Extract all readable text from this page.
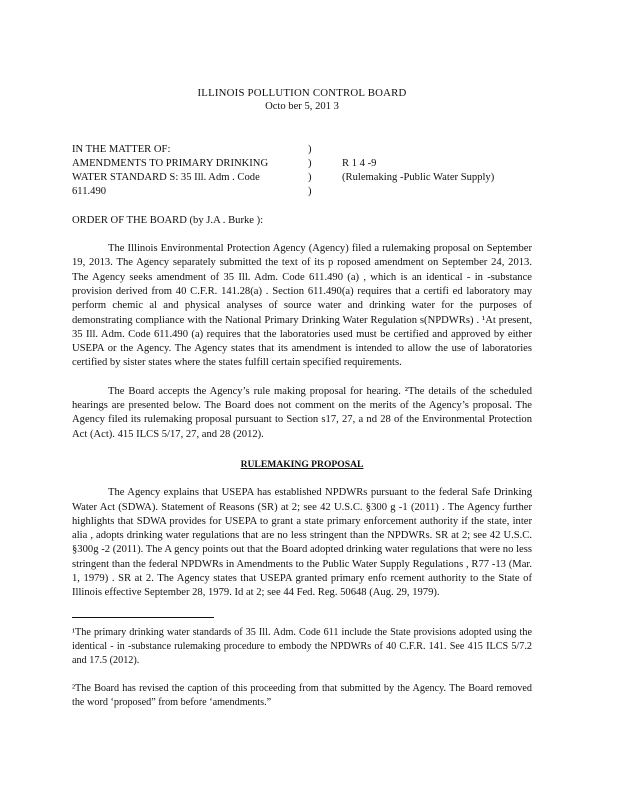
ILLINOIS POLLUTION CONTROL BOARD
Octo ber 5, 201 3
IN THE MATTER OF:
AMENDMENTS TO PRIMARY DRINKING
WATER STANDARD S: 35 Ill. Adm . Code
611.490
)
)
)
)
R 1 4 -9
(Rulemaking -Public Water Supply)
ORDER OF THE BOARD (by J.A . Burke ):

The Illinois Environmental Protection Agency (Agency) filed a rulemaking proposal on September 19, 2013. The Agency separately submitted the text of its p roposed amendment on September 24, 2013. The Agency seeks amendment of 35 Ill. Adm. Code 611.490 (a) , which is an identical - in -substance provision derived from 40 C.F.R. 141.28(a) . Section 611.490(a) requires that a certifi ed laboratory may perform chemic al and physical analyses of source water and drinking water for the purposes of demonstrating compliance with the National Primary Drinking Water Regulation s(NPDWRs) . ¹At present, 35 Ill. Adm. Code 611.490 (a) requires that the laboratories used must be certified and approved by either USEPA or the Agency. The Agency states that its amendment is intended to allow the use of laboratories certified by sister states where the states fulfill certain specified requirements.

The Board accepts the Agency’s rule making proposal for hearing. ²The details of the scheduled hearings are presented below. The Board does not comment on the merits of the Agency’s proposal. The Agency filed its rulemaking proposal pursuant to Section s17, 27, a nd 28 of the Environmental Protection Act (Act). 415 ILCS 5/17, 27, and 28 (2012).

RULEMAKING PROPOSAL

The Agency explains that USEPA has established NPDWRs pursuant to the federal Safe Drinking Water Act (SDWA). Statement of Reasons (SR) at 2; see 42 U.S.C. §300 g -1 (2011) . The Agency further highlights that SDWA provides for USEPA to grant a state primary enforcement authority if the state, inter alia , adopts drinking water regulations that are no less stringent than the NPDWRs. SR at 2; see 42 U.S.C. §300g -2 (2011). The A gency points out that the Board adopted drinking water regulations that were no less stringent than the federal NPDWRs in Amendments to the Public Water Supply Regulations , R77 -13 (Mar. 1, 1979) . SR at 2. The Agency states that USEPA granted primary enfo rcement authority to the State of Illinois effective September 28, 1979. Id at 2; see 44 Fed. Reg. 50648 (Aug. 29, 1979).

¹The primary drinking water standards of 35 Ill. Adm. Code 611 include the State provisions adopted using the identical - in -substance rulemaking procedure to embody the NPDWRs of 40 C.F.R. 141. See 415 ILCS 5/7.2 and 17.5 (2012).
²The Board has revised the caption of this proceeding from that submitted by the Agency. The Board removed the word ‘proposed” from before ‘amendments.”
